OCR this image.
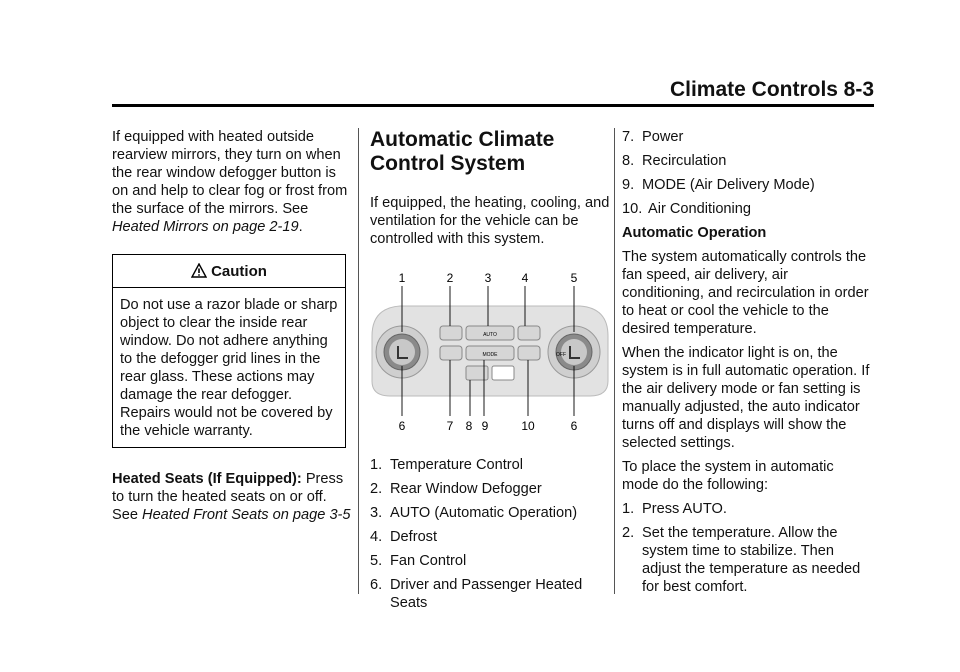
Climate Controls 8-3

If equipped with heated outside rearview mirrors, they turn on when the rear window defogger button is on and help to clear fog or frost from the surface of the mirrors. See Heated Mirrors on page 2-19.

Caution
Do not use a razor blade or sharp object to clear the inside rear window. Do not adhere anything to the defogger grid lines in the rear glass. These actions may damage the rear defogger. Repairs would not be covered by the vehicle warranty.

Heated Seats (If Equipped): Press to turn the heated seats on or off. See Heated Front Seats on page 3-5

Automatic Climate Control System

If equipped, the heating, cooling, and ventilation for the vehicle can be controlled with this system.

1	2	3	4	5
OFF
AUTO
MODE
6	7 8 9	10	6
1. Temperature Control
2. Rear Window Defogger
3. AUTO (Automatic Operation)
4. Defrost
5. Fan Control
6. Driver and Passenger Heated Seats
7. Power
8. Recirculation
9. MODE (Air Delivery Mode)
10. Air Conditioning

Automatic Operation

The system automatically controls the fan speed, air delivery, air conditioning, and recirculation in order to heat or cool the vehicle to the desired temperature.

When the indicator light is on, the system is in full automatic operation. If the air delivery mode or fan setting is manually adjusted, the auto indicator turns off and displays will show the selected settings.

To place the system in automatic mode do the following:

1. Press AUTO.
2. Set the temperature. Allow the system time to stabilize. Then adjust the temperature as needed for best comfort.
